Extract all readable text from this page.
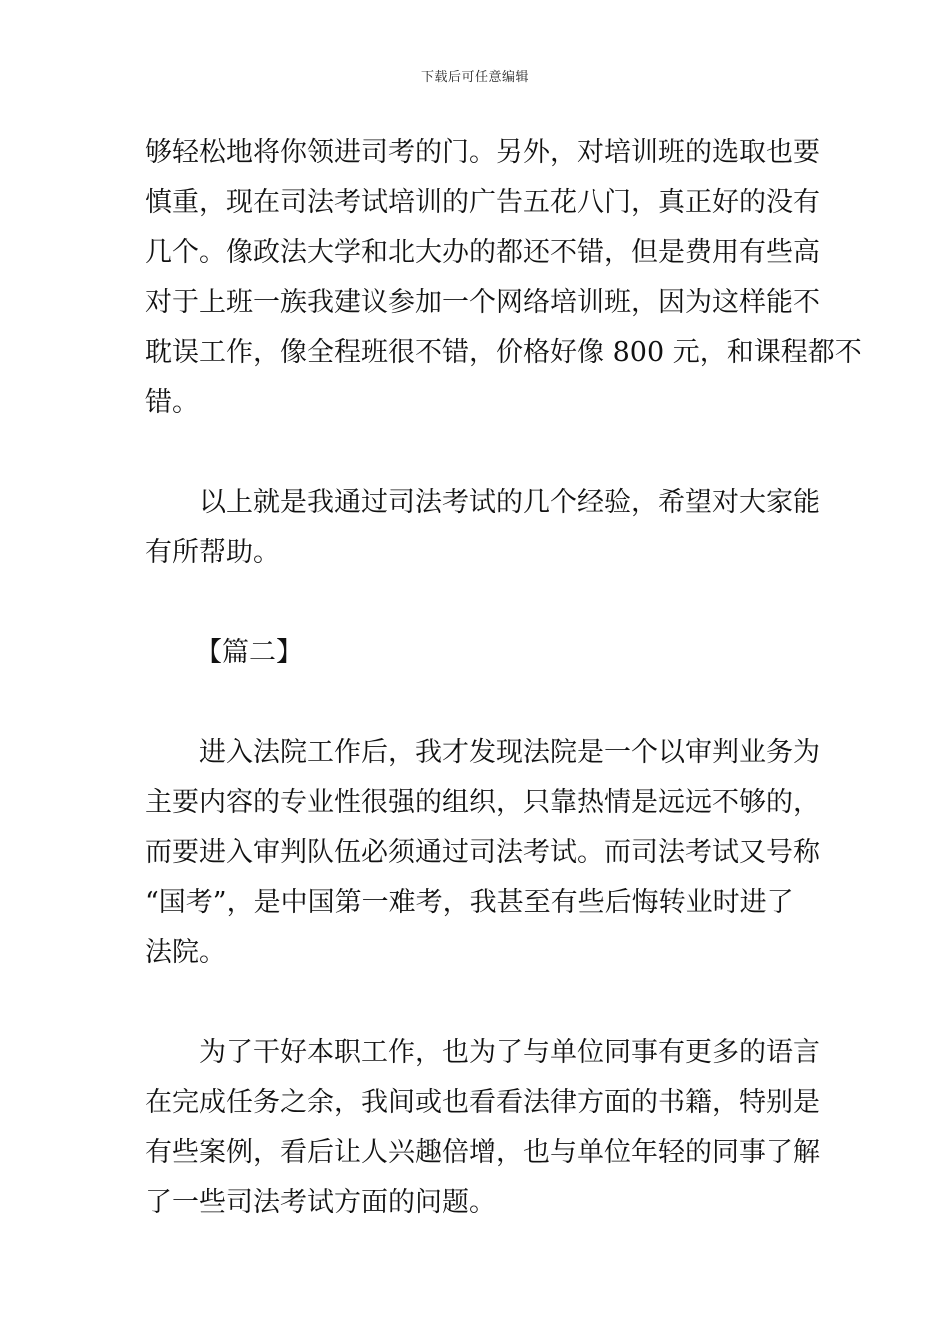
下载后可任意编辑

够轻松地将你领进司考的门。另外，对培训班的选取也要
慎重，现在司法考试培训的广告五花八门，真正好的没有
几个。像政法大学和北大办的都还不错，但是费用有些高
对于上班一族我建议参加一个网络培训班，因为这样能不
耽误工作，像全程班很不错，价格好像 800 元，和课程都不
错。

以上就是我通过司法考试的几个经验，希望对大家能
有所帮助。

【篇二】

进入法院工作后，我才发现法院是一个以审判业务为
主要内容的专业性很强的组织，只靠热情是远远不够的，
而要进入审判队伍必须通过司法考试。而司法考试又号称
“国考”，是中国第一难考，我甚至有些后悔转业时进了
法院。

为了干好本职工作，也为了与单位同事有更多的语言
在完成任务之余，我间或也看看法律方面的书籍，特别是
有些案例，看后让人兴趣倍增，也与单位年轻的同事了解
了一些司法考试方面的问题。
